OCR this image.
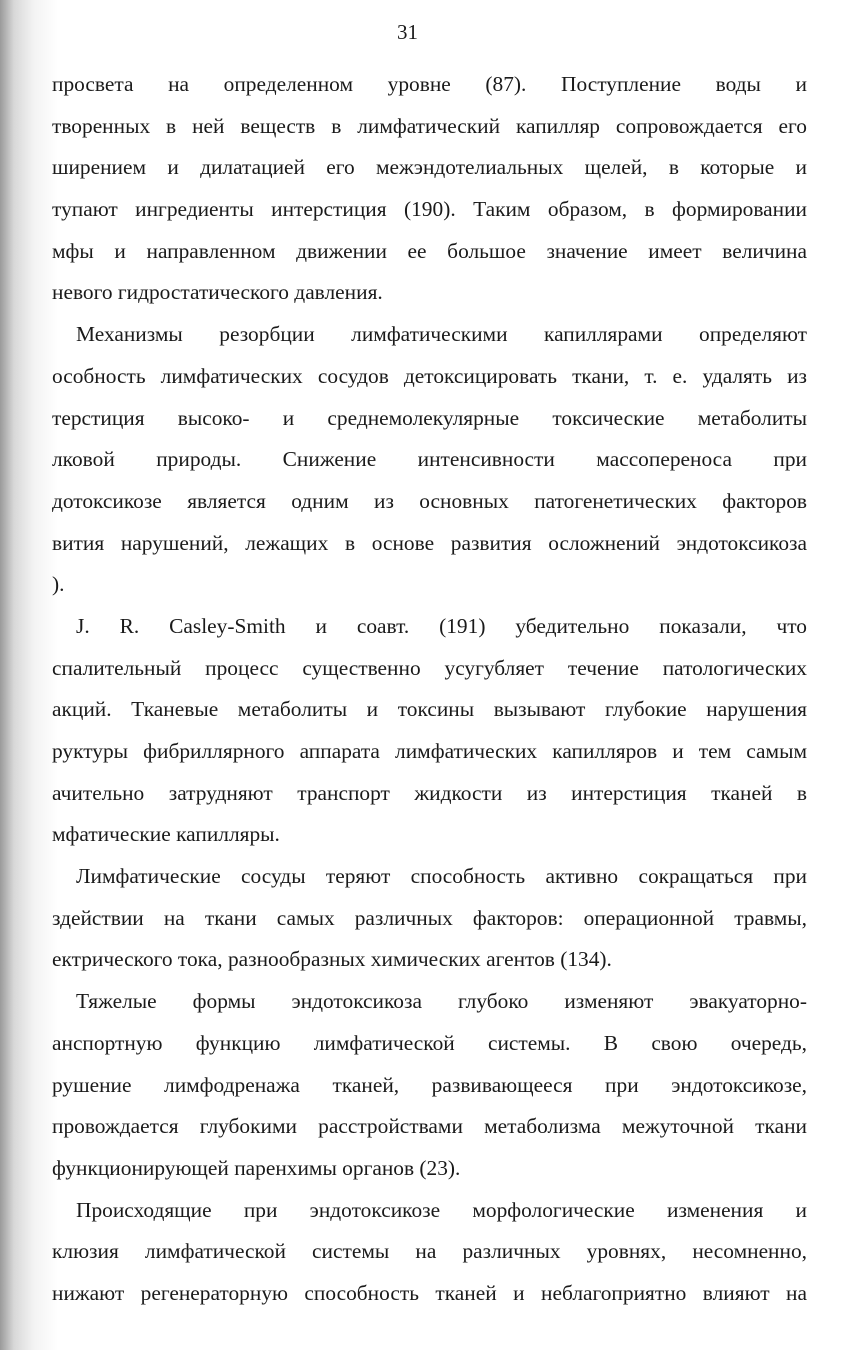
31
просвета на определенном уровне (87). Поступление воды и
творенных в ней веществ в лимфатический капилляр сопровождается его
ширением и дилатацией его межэндотелиальных щелей, в которые и
тупают ингредиенты интерстиция (190). Таким образом, в формировании
мфы и направленном движении ее большое значение имеет величина
невого гидростатического давления.
Механизмы резорбции лимфатическими капиллярами определяют
особность лимфатических сосудов детоксицировать ткани, т. е. удалять из
терстиция высоко- и среднемолекулярные токсические метаболиты
лковой природы. Снижение интенсивности массопереноса при
дотоксикозе является одним из основных патогенетических факторов
вития нарушений, лежащих в основе развития осложнений эндотоксикоза
).
J. R. Casley-Smith и соавт. (191) убедительно показали, что
спалительный процесс существенно усугубляет течение патологических
акций. Тканевые метаболиты и токсины вызывают глубокие нарушения
руктуры фибриллярного аппарата лимфатических капилляров и тем самым
ачительно затрудняют транспорт жидкости из интерстиция тканей в
мфатические капилляры.
Лимфатические сосуды теряют способность активно сокращаться при
здействии на ткани самых различных факторов: операционной травмы,
ектрического тока, разнообразных химических агентов (134).
Тяжелые формы эндотоксикоза глубоко изменяют эвакуаторно-
анспортную функцию лимфатической системы. В свою очередь,
рушение лимфодренажа тканей, развивающееся при эндотоксикозе,
провождается глубокими расстройствами метаболизма межуточной ткани
функционирующей паренхимы органов (23).
Происходящие при эндотоксикозе морфологические изменения и
клюзия лимфатической системы на различных уровнях, несомненно,
нижают регенераторную способность тканей и неблагоприятно влияют на
